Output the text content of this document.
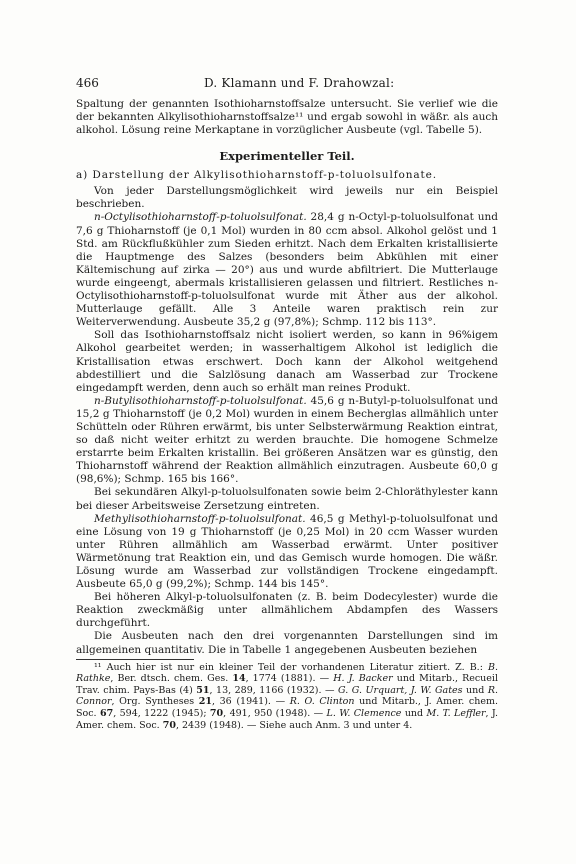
466	D. Klamann und F. Drahowzal:

Spaltung der genannten Isothioharnstoffsalze untersucht. Sie verlief wie die der bekannten Alkylisothioharnstoffsalze¹¹ und ergab sowohl in wäßr. als auch alkohol. Lösung reine Merkaptane in vorzüglicher Ausbeute (vgl. Tabelle 5).

Experimenteller Teil.
a) Darstellung der Alkylisothioharnstoff-p-toluolsulfonate.

Von jeder Darstellungsmöglichkeit wird jeweils nur ein Beispiel beschrieben.

n-Octylisothioharnstoff-p-toluolsulfonat. 28,4 g n-Octyl-p-toluolsulfonat und 7,6 g Thioharnstoff (je 0,1 Mol) wurden in 80 ccm absol. Alkohol gelöst und 1 Std. am Rückflußkühler zum Sieden erhitzt. Nach dem Erkalten kristallisierte die Hauptmenge des Salzes (besonders beim Abkühlen mit einer Kältemischung auf zirka — 20°) aus und wurde abfiltriert. Die Mutterlauge wurde eingeengt, abermals kristallisieren gelassen und filtriert. Restliches n-Octylisothioharnstoff-p-toluolsulfonat wurde mit Äther aus der alkohol. Mutterlauge gefällt. Alle 3 Anteile waren praktisch rein zur Weiterverwendung. Ausbeute 35,2 g (97,8%); Schmp. 112 bis 113°.

Soll das Isothioharnstoffsalz nicht isoliert werden, so kann in 96%igem Alkohol gearbeitet werden; in wasserhaltigem Alkohol ist lediglich die Kristallisation etwas erschwert. Doch kann der Alkohol weitgehend abdestilliert und die Salzlösung danach am Wasserbad zur Trockene eingedampft werden, denn auch so erhält man reines Produkt.

n-Butylisothioharnstoff-p-toluolsulfonat. 45,6 g n-Butyl-p-toluolsulfonat und 15,2 g Thioharnstoff (je 0,2 Mol) wurden in einem Becherglas allmählich unter Schütteln oder Rühren erwärmt, bis unter Selbsterwärmung Reaktion eintrat, so daß nicht weiter erhitzt zu werden brauchte. Die homogene Schmelze erstarrte beim Erkalten kristallin. Bei größeren Ansätzen war es günstig, den Thioharnstoff während der Reaktion allmählich einzutragen. Ausbeute 60,0 g (98,6%); Schmp. 165 bis 166°.

Bei sekundären Alkyl-p-toluolsulfonaten sowie beim 2-Chloräthylester kann bei dieser Arbeitsweise Zersetzung eintreten.

Methylisothioharnstoff-p-toluolsulfonat. 46,5 g Methyl-p-toluolsulfonat und eine Lösung von 19 g Thioharnstoff (je 0,25 Mol) in 20 ccm Wasser wurden unter Rühren allmählich am Wasserbad erwärmt. Unter positiver Wärmetönung trat Reaktion ein, und das Gemisch wurde homogen. Die wäßr. Lösung wurde am Wasserbad zur vollständigen Trockene eingedampft. Ausbeute 65,0 g (99,2%); Schmp. 144 bis 145°.

Bei höheren Alkyl-p-toluolsulfonaten (z. B. beim Dodecylester) wurde die Reaktion zweckmäßig unter allmählichem Abdampfen des Wassers durchgeführt.

Die Ausbeuten nach den drei vorgenannten Darstellungen sind im allgemeinen quantitativ. Die in Tabelle 1 angegebenen Ausbeuten beziehen

¹¹ Auch hier ist nur ein kleiner Teil der vorhandenen Literatur zitiert. Z. B.: B. Rathke, Ber. dtsch. chem. Ges. 14, 1774 (1881). — H. J. Backer und Mitarb., Recueil Trav. chim. Pays-Bas (4) 51, 13, 289, 1166 (1932). — G. G. Urquart, J. W. Gates und R. Connor, Org. Syntheses 21, 36 (1941). — R. O. Clinton und Mitarb., J. Amer. chem. Soc. 67, 594, 1222 (1945); 70, 491, 950 (1948). — L. W. Clemence und M. T. Leffler, J. Amer. chem. Soc. 70, 2439 (1948). — Siehe auch Anm. 3 und unter 4.
